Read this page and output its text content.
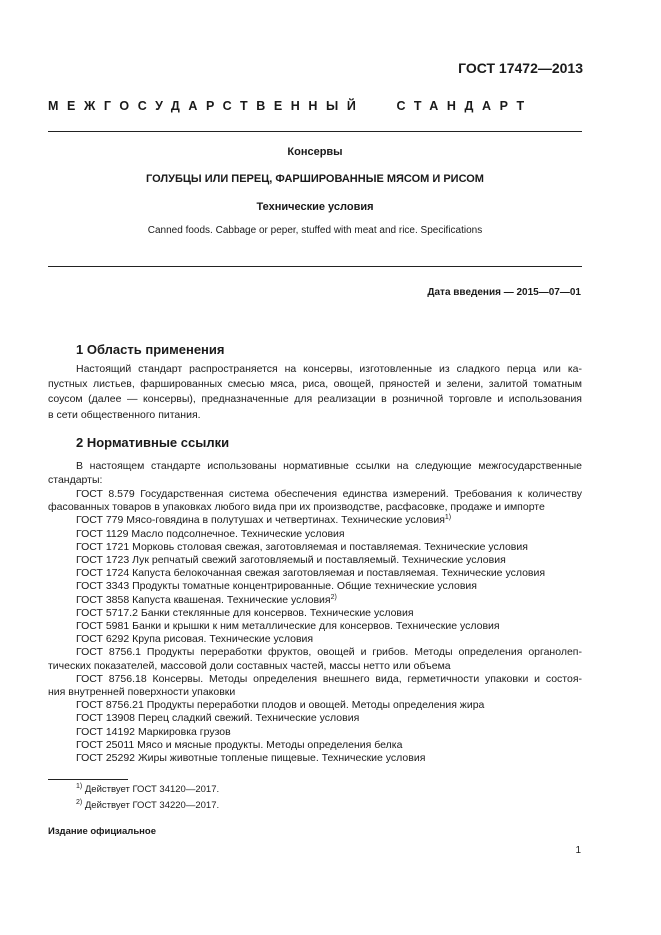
ГОСТ 17472—2013
МЕЖГОСУДАРСТВЕННЫЙ СТАНДАРТ
Консервы
ГОЛУБЦЫ ИЛИ ПЕРЕЦ, ФАРШИРОВАННЫЕ МЯСОМ И РИСОМ
Технические условия
Canned foods. Cabbage or peper, stuffed with meat and rice. Specifications
Дата введения — 2015—07—01
1 Область применения
Настоящий стандарт распространяется на консервы, изготовленные из сладкого перца или ка-
пустных листьев, фаршированных смесью мяса, риса, овощей, пряностей и зелени, залитой томатным
соусом (далее — консервы), предназначенные для реализации в розничной торговле и использования
в сети общественного питания.
2 Нормативные ссылки
В настоящем стандарте использованы нормативные ссылки на следующие межгосударственные
стандарты:
ГОСТ 8.579 Государственная система обеспечения единства измерений. Требования к количеству
фасованных товаров в упаковках любого вида при их производстве, расфасовке, продаже и импорте
ГОСТ 779 Мясо-говядина в полутушах и четвертинах. Технические условия$^{1)}$
ГОСТ 1129 Масло подсолнечное. Технические условия
ГОСТ 1721 Морковь столовая свежая, заготовляемая и поставляемая. Технические условия
ГОСТ 1723 Лук репчатый свежий заготовляемый и поставляемый. Технические условия
ГОСТ 1724 Капуста белокочанная свежая заготовляемая и поставляемая. Технические условия
ГОСТ 3343 Продукты томатные концентрированные. Общие технические условия
ГОСТ 3858 Капуста квашеная. Технические условия$^{2)}$
ГОСТ 5717.2 Банки стеклянные для консервов. Технические условия
ГОСТ 5981 Банки и крышки к ним металлические для консервов. Технические условия
ГОСТ 6292 Крупа рисовая. Технические условия
ГОСТ 8756.1 Продукты переработки фруктов, овощей и грибов. Методы определения органолеп-
тических показателей, массовой доли составных частей, массы нетто или объема
ГОСТ 8756.18 Консервы. Методы определения внешнего вида, герметичности упаковки и состоя-
ния внутренней поверхности упаковки
ГОСТ 8756.21 Продукты переработки плодов и овощей. Методы определения жира
ГОСТ 13908 Перец сладкий свежий. Технические условия
ГОСТ 14192 Маркировка грузов
ГОСТ 25011 Мясо и мясные продукты. Методы определения белка
ГОСТ 25292 Жиры животные топленые пищевые. Технические условия
$^{1)}$ Действует ГОСТ 34120—2017.
$^{2)}$ Действует ГОСТ 34220—2017.
Издание официальное
1
